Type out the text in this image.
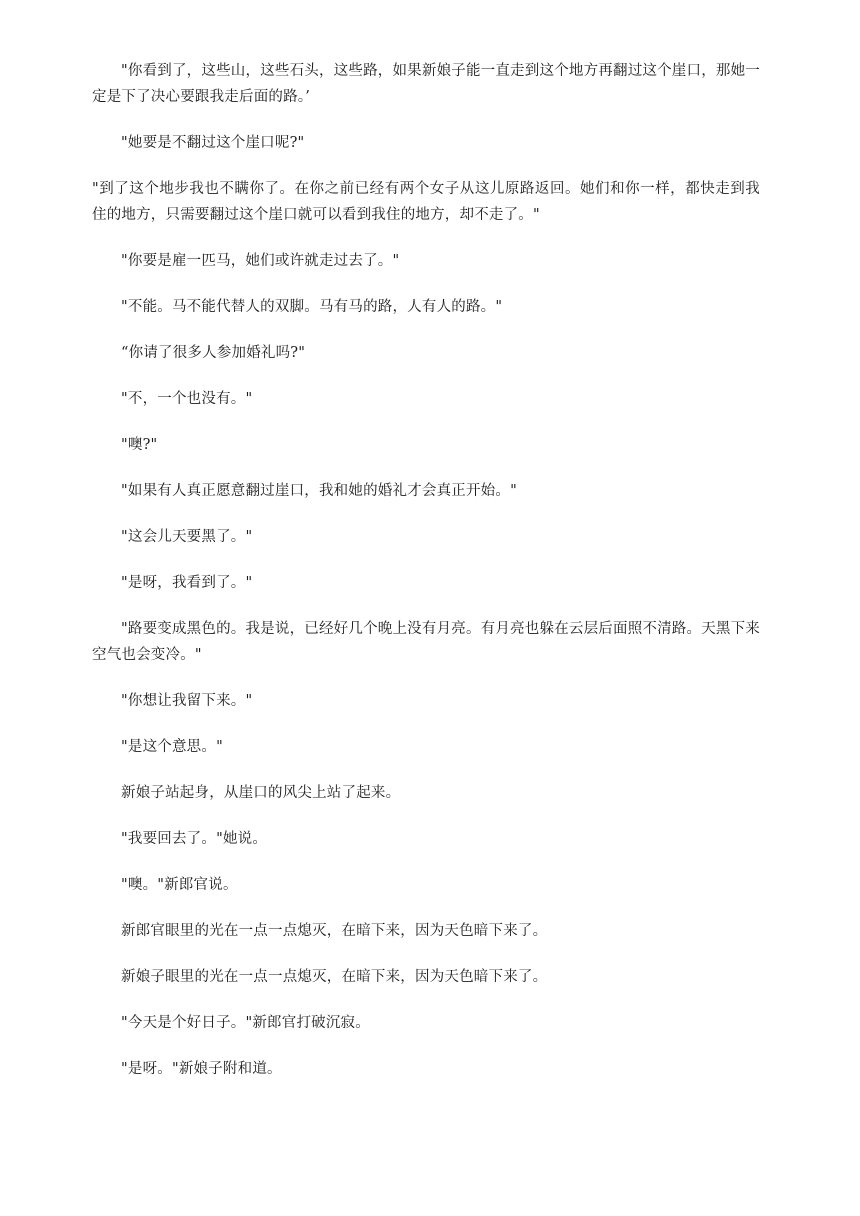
"你看到了，这些山，这些石头，这些路，如果新娘子能一直走到这个地方再翻过这个崖口，那她一定是下了决心要跟我走后面的路。’

"她要是不翻过这个崖口呢?"

"到了这个地步我也不瞒你了。在你之前已经有两个女子从这儿原路返回。她们和你一样，都快走到我住的地方，只需要翻过这个崖口就可以看到我住的地方，却不走了。"

"你要是雇一匹马，她们或许就走过去了。"

"不能。马不能代替人的双脚。马有马的路，人有人的路。"

“你请了很多人参加婚礼吗?"

"不，一个也没有。"

"噢?"

"如果有人真正愿意翻过崖口，我和她的婚礼才会真正开始。"

"这会儿天要黑了。"

"是呀，我看到了。"

"路要变成黑色的。我是说，已经好几个晚上没有月亮。有月亮也躲在云层后面照不清路。天黑下来空气也会变冷。"

"你想让我留下来。"

"是这个意思。"

新娘子站起身，从崖口的风尖上站了起来。

"我要回去了。"她说。

"噢。"新郎官说。

新郎官眼里的光在一点一点熄灭，在暗下来，因为天色暗下来了。

新娘子眼里的光在一点一点熄灭，在暗下来，因为天色暗下来了。

"今天是个好日子。"新郎官打破沉寂。

"是呀。"新娘子附和道。
